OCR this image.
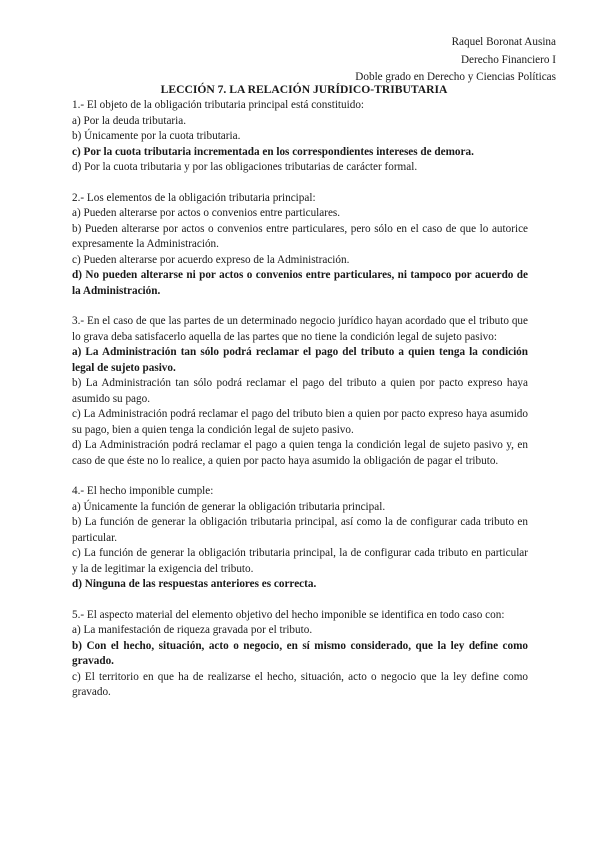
Raquel Boronat Ausina
Derecho Financiero I
Doble grado en Derecho y Ciencias Políticas
LECCIÓN 7. LA RELACIÓN JURÍDICO-TRIBUTARIA

1.- El objeto de la obligación tributaria principal está constituido:

a) Por la deuda tributaria.

b) Únicamente por la cuota tributaria.

c) Por la cuota tributaria incrementada en los correspondientes intereses de demora.

d) Por la cuota tributaria y por las obligaciones tributarias de carácter formal.

2.- Los elementos de la obligación tributaria principal:

a) Pueden alterarse por actos o convenios entre particulares.

b) Pueden alterarse por actos o convenios entre particulares, pero sólo en el caso de que lo autorice expresamente la Administración.

c) Pueden alterarse por acuerdo expreso de la Administración.

d) No pueden alterarse ni por actos o convenios entre particulares, ni tampoco por acuerdo de la Administración.

3.- En el caso de que las partes de un determinado negocio jurídico hayan acordado que el tributo que lo grava deba satisfacerlo aquella de las partes que no tiene la condición legal de sujeto pasivo:

a) La Administración tan sólo podrá reclamar el pago del tributo a quien tenga la condición legal de sujeto pasivo.

b) La Administración tan sólo podrá reclamar el pago del tributo a quien por pacto expreso haya asumido su pago.

c) La Administración podrá reclamar el pago del tributo bien a quien por pacto expreso haya asumido su pago, bien a quien tenga la condición legal de sujeto pasivo.

d) La Administración podrá reclamar el pago a quien tenga la condición legal de sujeto pasivo y, en caso de que éste no lo realice, a quien por pacto haya asumido la obligación de pagar el tributo.

4.- El hecho imponible cumple:

a) Únicamente la función de generar la obligación tributaria principal.

b) La función de generar la obligación tributaria principal, así como la de configurar cada tributo en particular.

c) La función de generar la obligación tributaria principal, la de configurar cada tributo en particular y la de legitimar la exigencia del tributo.

d) Ninguna de las respuestas anteriores es correcta.

5.- El aspecto material del elemento objetivo del hecho imponible se identifica en todo caso con:

a) La manifestación de riqueza gravada por el tributo.

b) Con el hecho, situación, acto o negocio, en sí mismo considerado, que la ley define como gravado.

c) El territorio en que ha de realizarse el hecho, situación, acto o negocio que la ley define como gravado.
